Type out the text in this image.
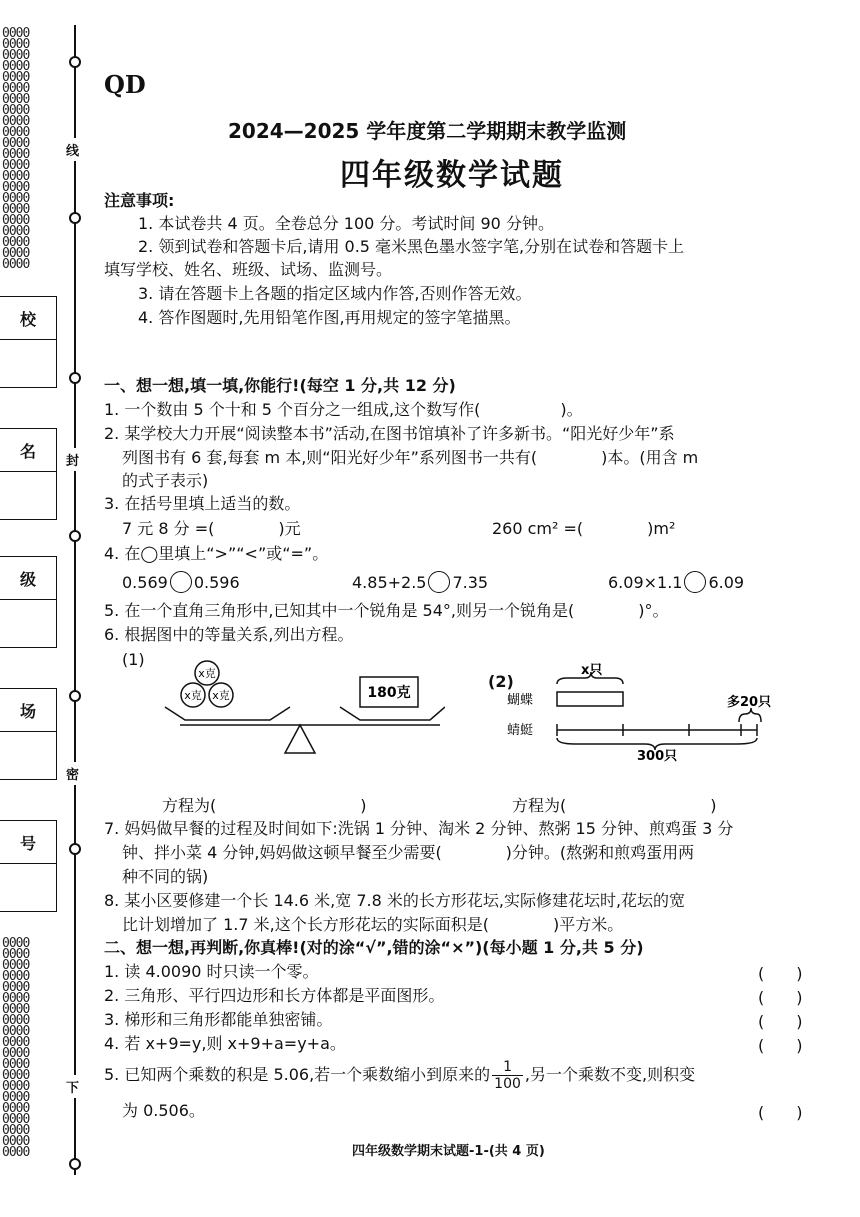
0000
0000
0000
0000
0000
0000
0000
0000
0000
0000
0000
0000
0000
0000
0000
0000
0000
0000
0000
0000
0000
0000
0000
0000
0000
0000
0000
0000
0000
0000
0000
0000
0000
0000
0000
0000
0000
0000
0000
0000
0000
0000
线
封
密
下
校
名
级
场
号
QD
2024—2025 学年度第二学期期末教学监测
四年级数学试题
注意事项:
1. 本试卷共 4 页。全卷总分 100 分。考试时间 90 分钟。
2. 领到试卷和答题卡后,请用 0.5 毫米黑色墨水签字笔,分别在试卷和答题卡上
填写学校、姓名、班级、试场、监测号。
3. 请在答题卡上各题的指定区域内作答,否则作答无效。
4. 答作图题时,先用铅笔作图,再用规定的签字笔描黑。
一、想一想,填一填,你能行!(每空 1 分,共 12 分)
1. 一个数由 5 个十和 5 个百分之一组成,这个数写作(　　　　　)。
2. 某学校大力开展“阅读整本书”活动,在图书馆填补了许多新书。“阳光好少年”系
列图书有 6 套,每套 m 本,则“阳光好少年”系列图书一共有(　　　　)本。(用含 m
的式子表示)
3. 在括号里填上适当的数。
7 元 8 分 =(　　　　)元	260 cm² =(　　　　)m²
4. 在◯里填上“>”“<”或“=”。
0.569 0.596	4.85+2.5 7.35	6.09×1.1 6.09
5. 在一个直角三角形中,已知其中一个锐角是 54°,则另一个锐角是(　　　　)°。
6. 根据图中的等量关系,列出方程。
(1)
x克
x克 x克	180克
(2)
x只
蝴蝶
蜻蜓
多20只
300只
方程为(　　　　　　　　　)	方程为(　　　　　　　　　)
7. 妈妈做早餐的过程及时间如下:洗锅 1 分钟、淘米 2 分钟、熬粥 15 分钟、煎鸡蛋 3 分
钟、拌小菜 4 分钟,妈妈做这顿早餐至少需要(　　　　)分钟。(熬粥和煎鸡蛋用两
种不同的锅)
8. 某小区要修建一个长 14.6 米,宽 7.8 米的长方形花坛,实际修建花坛时,花坛的宽
比计划增加了 1.7 米,这个长方形花坛的实际面积是(　　　　)平方米。
二、想一想,再判断,你真棒!(对的涂“√”,错的涂“×”)(每小题 1 分,共 5 分)
1. 读 4.0090 时只读一个零。	(　　)
2. 三角形、平行四边形和长方体都是平面图形。	(　　)
3. 梯形和三角形都能单独密铺。	(　　)
4. 若 x+9=y,则 x+9+a=y+a。	(　　)
5. 已知两个乘数的积是 5.06,若一个乘数缩小到原来的 $\frac{1}{100}$ ,另一个乘数不变,则积变
为 0.506。	(　　)
四年级数学期末试题-1-(共 4 页)
